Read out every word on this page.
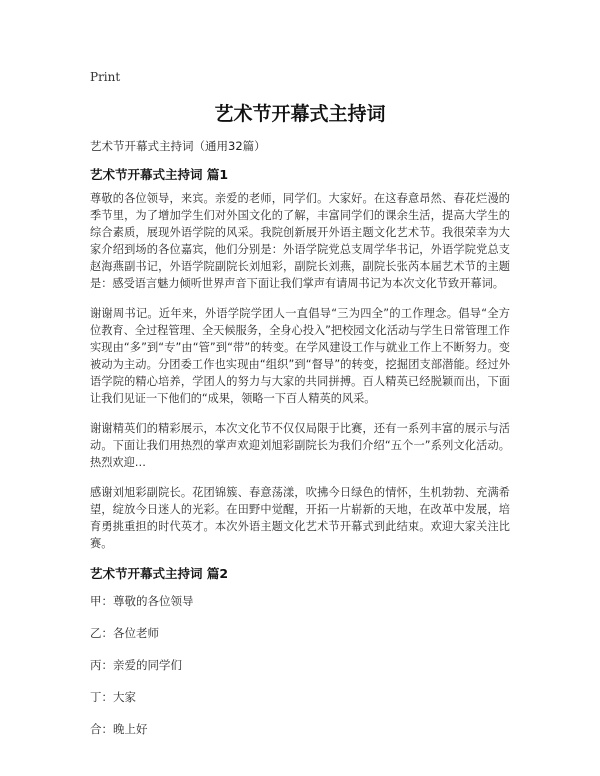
Print
艺术节开幕式主持词

艺术节开幕式主持词（通用32篇）

艺术节开幕式主持词 篇1

尊敬的各位领导，来宾。亲爱的老师，同学们。大家好。在这春意昂然、春花烂漫的季节里，为了增加学生们对外国文化的了解，丰富同学们的课余生活，提高大学生的综合素质，展现外语学院的风采。我院创新展开外语主题文化艺术节。我很荣幸为大家介绍到场的各位嘉宾，他们分别是：外语学院党总支周学华书记，外语学院党总支赵海燕副书记，外语学院副院长刘旭彩，副院长刘燕，副院长张芮本届艺术节的主题是：感受语言魅力倾听世界声音下面让我们掌声有请周书记为本次文化节致开幕词。

谢谢周书记。近年来，外语学院学团人一直倡导“三为四全”的工作理念。倡导“全方位教育、全过程管理、全天候服务，全身心投入”把校园文化活动与学生日常管理工作实现由“多”到“专”由“管”到“带”的转变。在学风建设工作与就业工作上不断努力。变被动为主动。分团委工作也实现由“组织”到“督导”的转变，挖掘团支部潜能。经过外语学院的精心培养，学团人的努力与大家的共同拼搏。百人精英已经脱颖而出，下面让我们见证一下他们的“成果，领略一下百人精英的风采。

谢谢精英们的精彩展示，本次文化节不仅仅局限于比赛，还有一系列丰富的展示与活动。下面让我们用热烈的掌声欢迎刘旭彩副院长为我们介绍“五个一”系列文化活动。热烈欢迎…

感谢刘旭彩副院长。花团锦簇、春意荡漾，吹拂今日绿色的情怀，生机勃勃、充满希望，绽放今日迷人的光彩。在田野中觉醒，开拓一片崭新的天地，在改革中发展，培育勇挑重担的时代英才。本次外语主题文化艺术节开幕式到此结束。欢迎大家关注比赛。

艺术节开幕式主持词 篇2

甲：尊敬的各位领导

乙：各位老师

丙：亲爱的同学们

丁：大家

合：晚上好
